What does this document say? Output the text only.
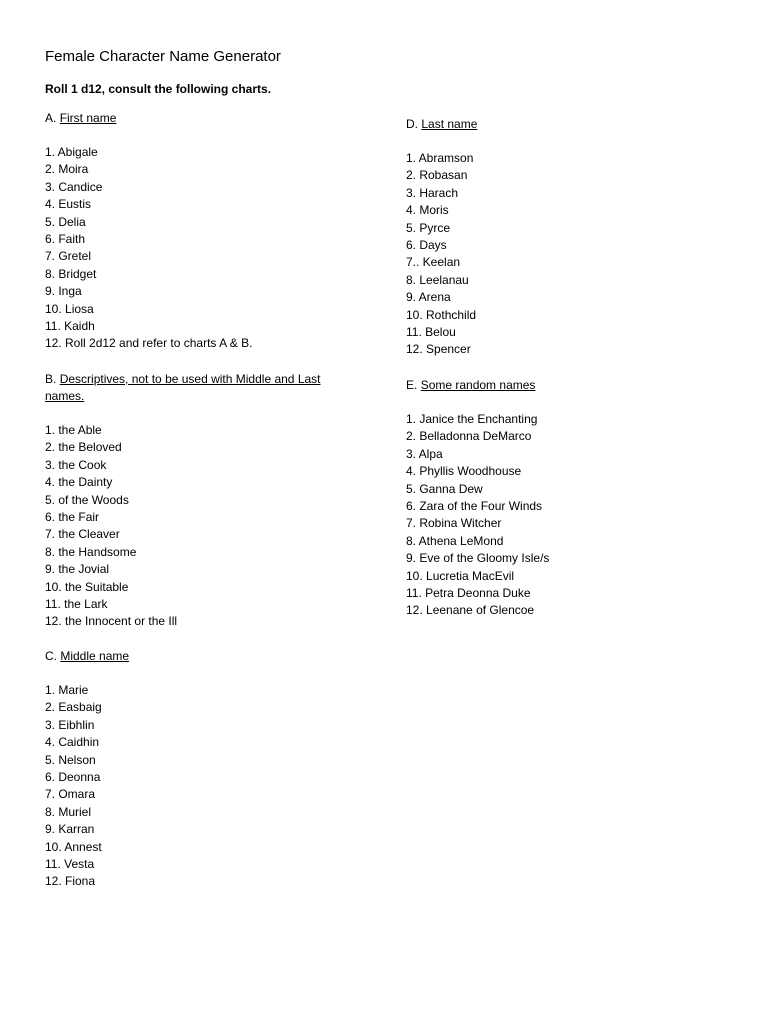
Female Character Name Generator

Roll 1 d12, consult the following charts.

A. First name
1. Abigale
2. Moira
3. Candice
4. Eustis
5. Delia
6. Faith
7. Gretel
8. Bridget
9. Inga
10. Liosa
11. Kaidh
12. Roll 2d12 and refer to charts A & B.
B. Descriptives, not to be used with Middle and Last names.
1. the Able
2. the Beloved
3. the Cook
4. the Dainty
5. of the Woods
6. the Fair
7. the Cleaver
8. the Handsome
9. the Jovial
10. the Suitable
11. the Lark
12. the Innocent or the Ill
C. Middle name
1. Marie
2. Easbaig
3. Eibhlin
4. Caidhin
5. Nelson
6. Deonna
7. Omara
8. Muriel
9. Karran
10. Annest
11. Vesta
12. Fiona
D. Last name
1. Abramson
2. Robasan
3. Harach
4. Moris
5. Pyrce
6. Days
7.. Keelan
8. Leelanau
9. Arena
10. Rothchild
11. Belou
12. Spencer
E. Some random names
1. Janice the Enchanting
2. Belladonna DeMarco
3. Alpa
4. Phyllis Woodhouse
5. Ganna Dew
6. Zara of the Four Winds
7. Robina Witcher
8. Athena LeMond
9. Eve of the Gloomy Isle/s
10. Lucretia MacEvil
11. Petra Deonna Duke
12. Leenane of Glencoe
